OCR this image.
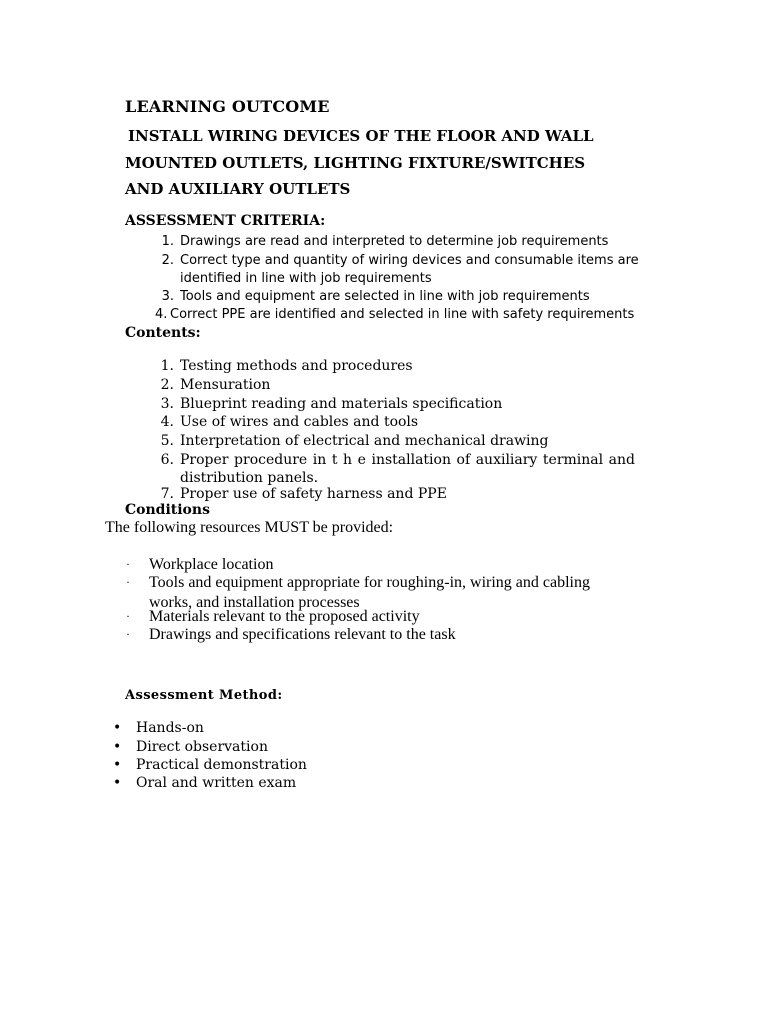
LEARNING OUTCOME
INSTALL WIRING DEVICES OF THE FLOOR AND WALL
MOUNTED OUTLETS, LIGHTING FIXTURE/SWITCHES
AND AUXILIARY OUTLETS
ASSESSMENT CRITERIA:
1. Drawings are read and interpreted to determine job requirements
2. Correct type and quantity of wiring devices and consumable items are
identified in line with job requirements
3. Tools and equipment are selected in line with job requirements
4. Correct PPE are identified and selected in line with safety requirements
Contents:
1. Testing methods and procedures
2. Mensuration
3. Blueprint reading and materials specification
4. Use of wires and cables and tools
5. Interpretation of electrical and mechanical drawing
6. Proper procedure in t h e installation of auxiliary terminal and
distribution panels.
7. Proper use of safety harness and PPE
Conditions
The following resources MUST be provided:
· Workplace location
· Tools and equipment appropriate for roughing-in, wiring and cabling
works, and installation processes
· Materials relevant to the proposed activity
· Drawings and specifications relevant to the task
Assessment Method:
• Hands-on
• Direct observation
• Practical demonstration
• Oral and written exam
